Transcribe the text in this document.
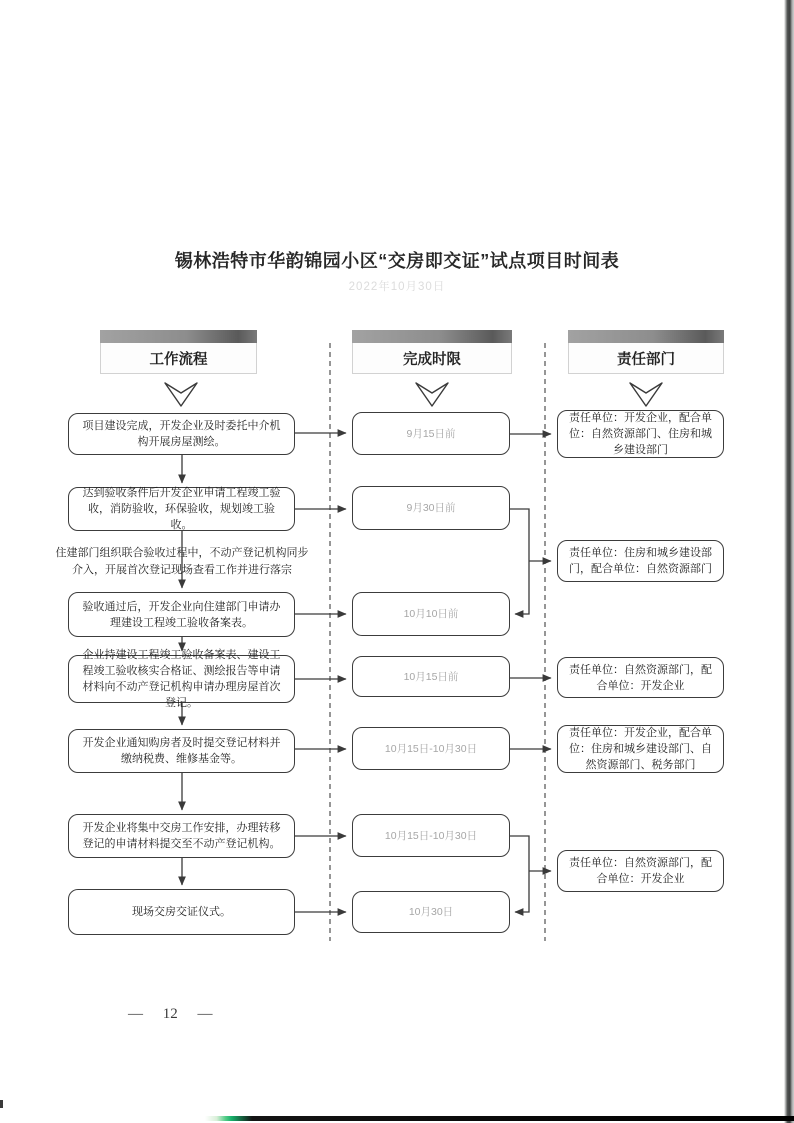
锡林浩特市华韵锦园小区“交房即交证”试点项目时间表
2022年10月30日
工作流程	完成时限	责任部门
项目建设完成，开发企业及时委托中介机构开展房屋测绘。
达到验收条件后开发企业申请工程竣工验收，消防验收，环保验收，规划竣工验收。
住建部门组织联合验收过程中，不动产登记机构同步介入，开展首次登记现场查看工作并进行落宗
验收通过后，开发企业向住建部门申请办理建设工程竣工验收备案表。
企业持建设工程竣工验收备案表、建设工程竣工验收核实合格证、测绘报告等申请材料向不动产登记机构申请办理房屋首次登记。
开发企业通知购房者及时提交登记材料并缴纳税费、维修基金等。
开发企业将集中交房工作安排，办理转移登记的申请材料提交至不动产登记机构。
现场交房交证仪式。
9月15日前
9月30日前
10月10日前
10月15日前
10月15日-10月30日
10月15日-10月30日
10月30日
责任单位：开发企业，配合单位：自然资源部门、住房和城乡建设部门
责任单位：住房和城乡建设部门，配合单位：自然资源部门
责任单位：自然资源部门，配合单位：开发企业
责任单位：开发企业，配合单位：住房和城乡建设部门、自然资源部门、税务部门
责任单位：自然资源部门，配合单位：开发企业
— 12 —
